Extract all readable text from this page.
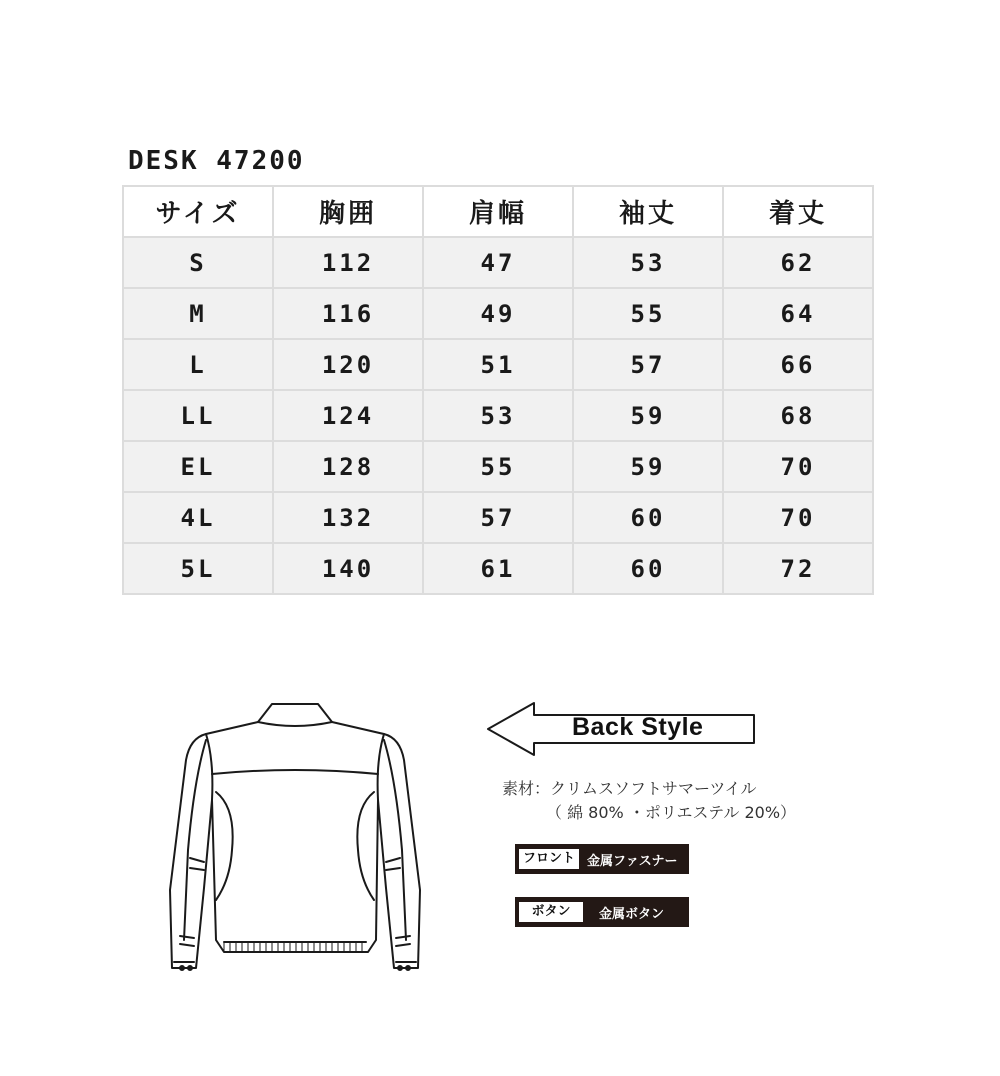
DESK 47200
サイズ	胸囲	肩幅	袖丈	着丈
S	112	47	53	62
M	116	49	55	64
L	120	51	57	66
LL	124	53	59	68
EL	128	55	59	70
4L	132	57	60	70
5L	140	61	60	72
Back Style
素材：クリムスソフトサマーツイル
（ 綿 80% ・ポリエステル 20%）
フロント 金属ファスナー
ボタン	金属ボタン
